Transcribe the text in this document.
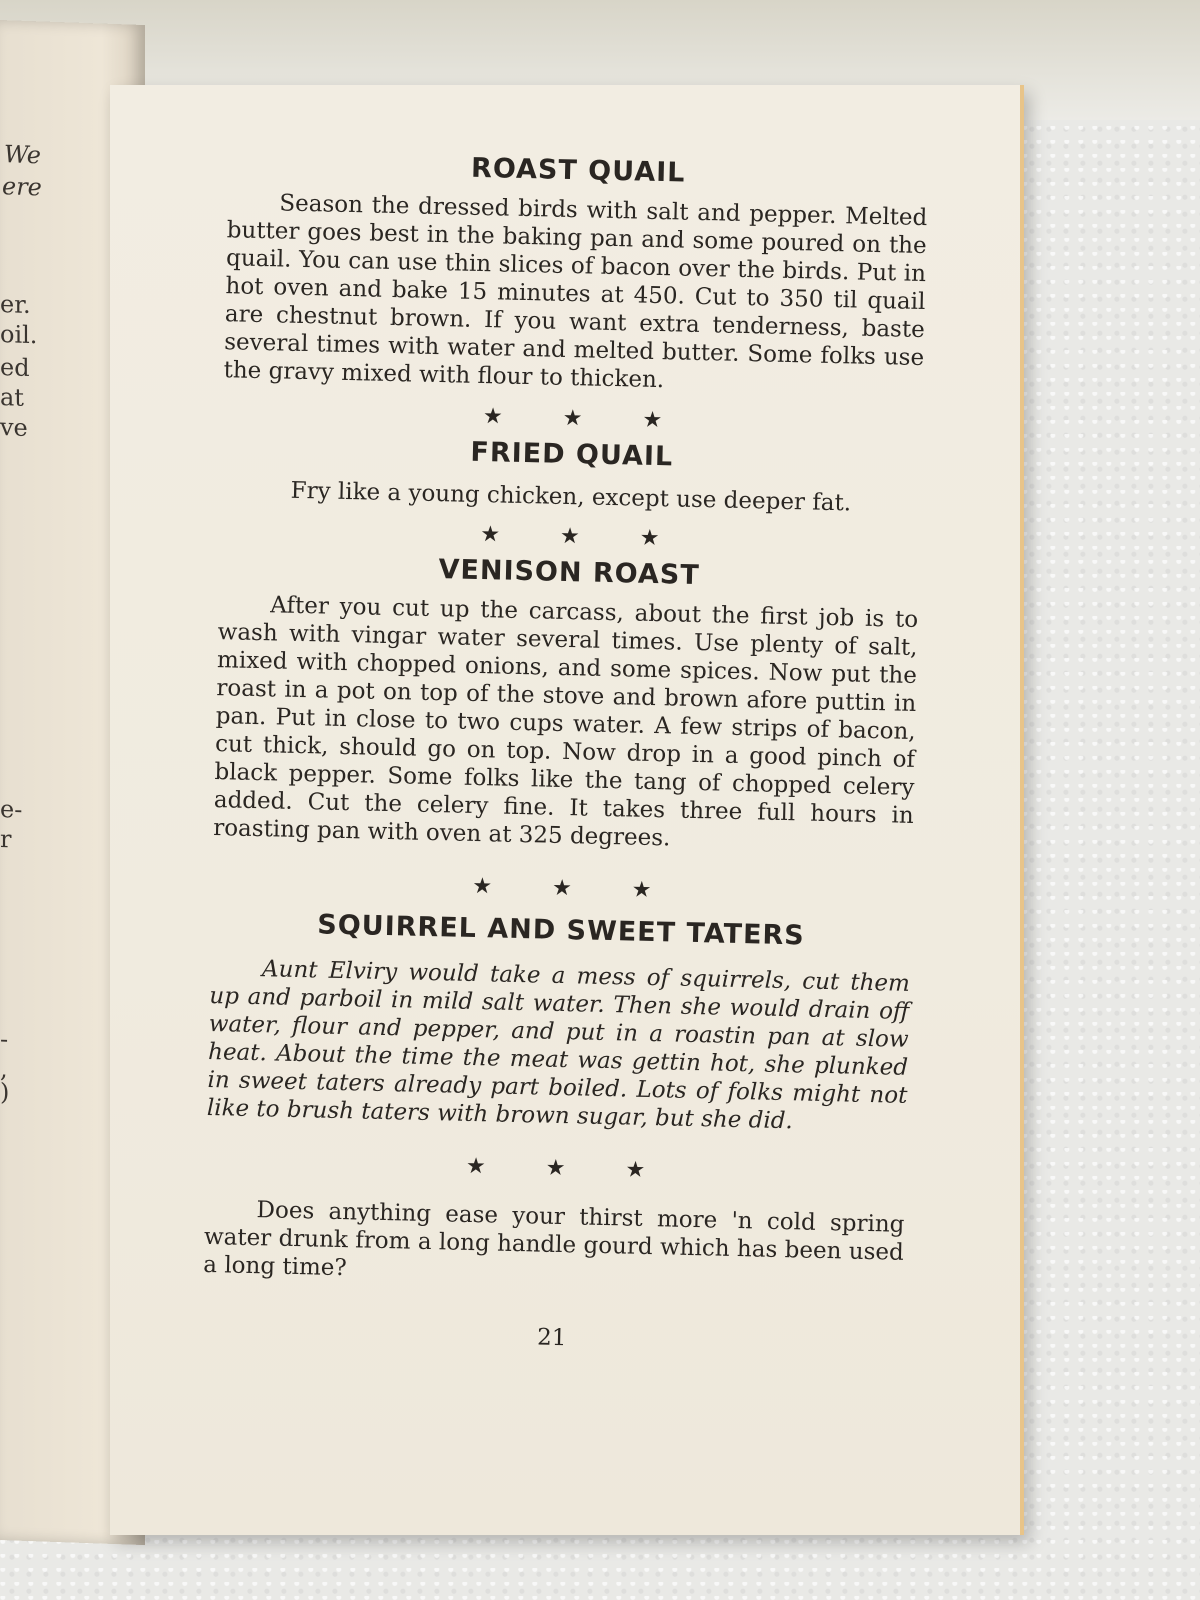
We
ere
er.
oil.
ed
at
ve
e-
r
-
,
)
ROAST QUAIL

Season the dressed birds with salt and pepper. Melted butter goes best in the baking pan and some poured on the quail. You can use thin slices of bacon over the birds. Put in hot oven and bake 15 minutes at 450. Cut to 350 til quail are chestnut brown. If you want extra tenderness, baste several times with water and melted butter. Some folks use the gravy mixed with flour to thicken.

★	★	★
FRIED QUAIL

Fry like a young chicken, except use deeper fat.

★	★	★
VENISON ROAST

After you cut up the carcass, about the first job is to wash with vingar water several times. Use plenty of salt, mixed with chopped onions, and some spices. Now put the roast in a pot on top of the stove and brown afore puttin in pan. Put in close to two cups water. A few strips of bacon, cut thick, should go on top. Now drop in a good pinch of black pepper. Some folks like the tang of chopped celery added. Cut the celery fine. It takes three full hours in roasting pan with oven at 325 degrees.

★	★	★
SQUIRREL AND SWEET TATERS

Aunt Elviry would take a mess of squirrels, cut them up and parboil in mild salt water. Then she would drain off water, flour and pepper, and put in a roastin pan at slow heat. About the time the meat was gettin hot, she plunked in sweet taters already part boiled. Lots of folks might not like to brush taters with brown sugar, but she did.

★	★	★

Does anything ease your thirst more 'n cold spring water drunk from a long handle gourd which has been used a long time?

21
